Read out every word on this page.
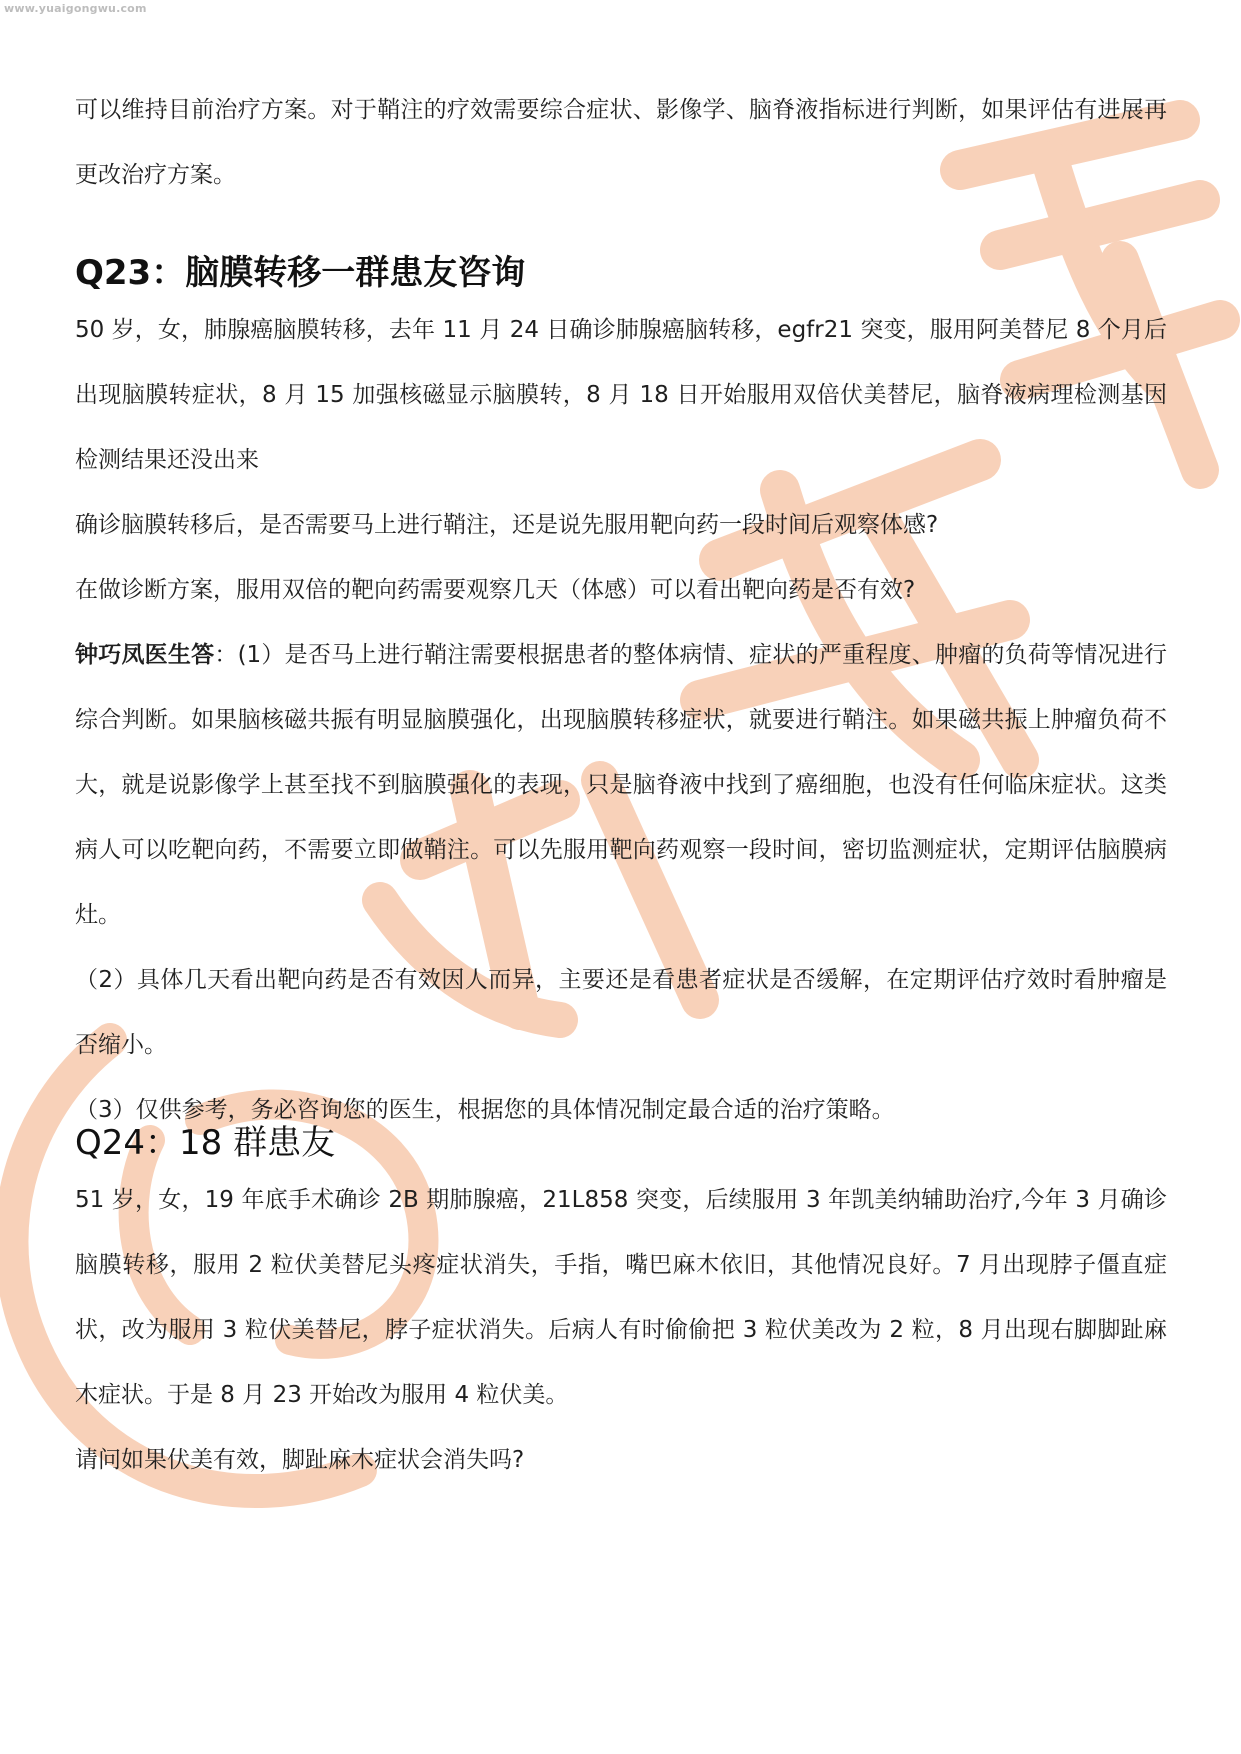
www.yuaigongwu.com

可以维持目前治疗方案。对于鞘注的疗效需要综合症状、影像学、脑脊液指标进行判断，如果评估有进展再更改治疗方案。

Q23：脑膜转移一群患友咨询

50 岁，女，肺腺癌脑膜转移，去年 11 月 24 日确诊肺腺癌脑转移，egfr21 突变，服用阿美替尼 8 个月后出现脑膜转症状，8 月 15 加强核磁显示脑膜转，8 月 18 日开始服用双倍伏美替尼，脑脊液病理检测基因检测结果还没出来

确诊脑膜转移后，是否需要马上进行鞘注，还是说先服用靶向药一段时间后观察体感?

在做诊断方案，服用双倍的靶向药需要观察几天（体感）可以看出靶向药是否有效?

钟巧凤医生答：(1）是否马上进行鞘注需要根据患者的整体病情、症状的严重程度、肿瘤的负荷等情况进行综合判断。如果脑核磁共振有明显脑膜强化，出现脑膜转移症状，就要进行鞘注。如果磁共振上肿瘤负荷不大，就是说影像学上甚至找不到脑膜强化的表现，只是脑脊液中找到了癌细胞，也没有任何临床症状。这类病人可以吃靶向药，不需要立即做鞘注。可以先服用靶向药观察一段时间，密切监测症状，定期评估脑膜病灶。

（2）具体几天看出靶向药是否有效因人而异，主要还是看患者症状是否缓解，在定期评估疗效时看肿瘤是否缩小。

（3）仅供参考，务必咨询您的医生，根据您的具体情况制定最合适的治疗策略。

Q24：18 群患友

51 岁，女，19 年底手术确诊 2B 期肺腺癌，21L858 突变，后续服用 3 年凯美纳辅助治疗,今年 3 月确诊脑膜转移，服用 2 粒伏美替尼头疼症状消失，手指，嘴巴麻木依旧，其他情况良好。7 月出现脖子僵直症状，改为服用 3 粒伏美替尼，脖子症状消失。后病人有时偷偷把 3 粒伏美改为 2 粒，8 月出现右脚脚趾麻木症状。于是 8 月 23 开始改为服用 4 粒伏美。

请问如果伏美有效，脚趾麻木症状会消失吗?
